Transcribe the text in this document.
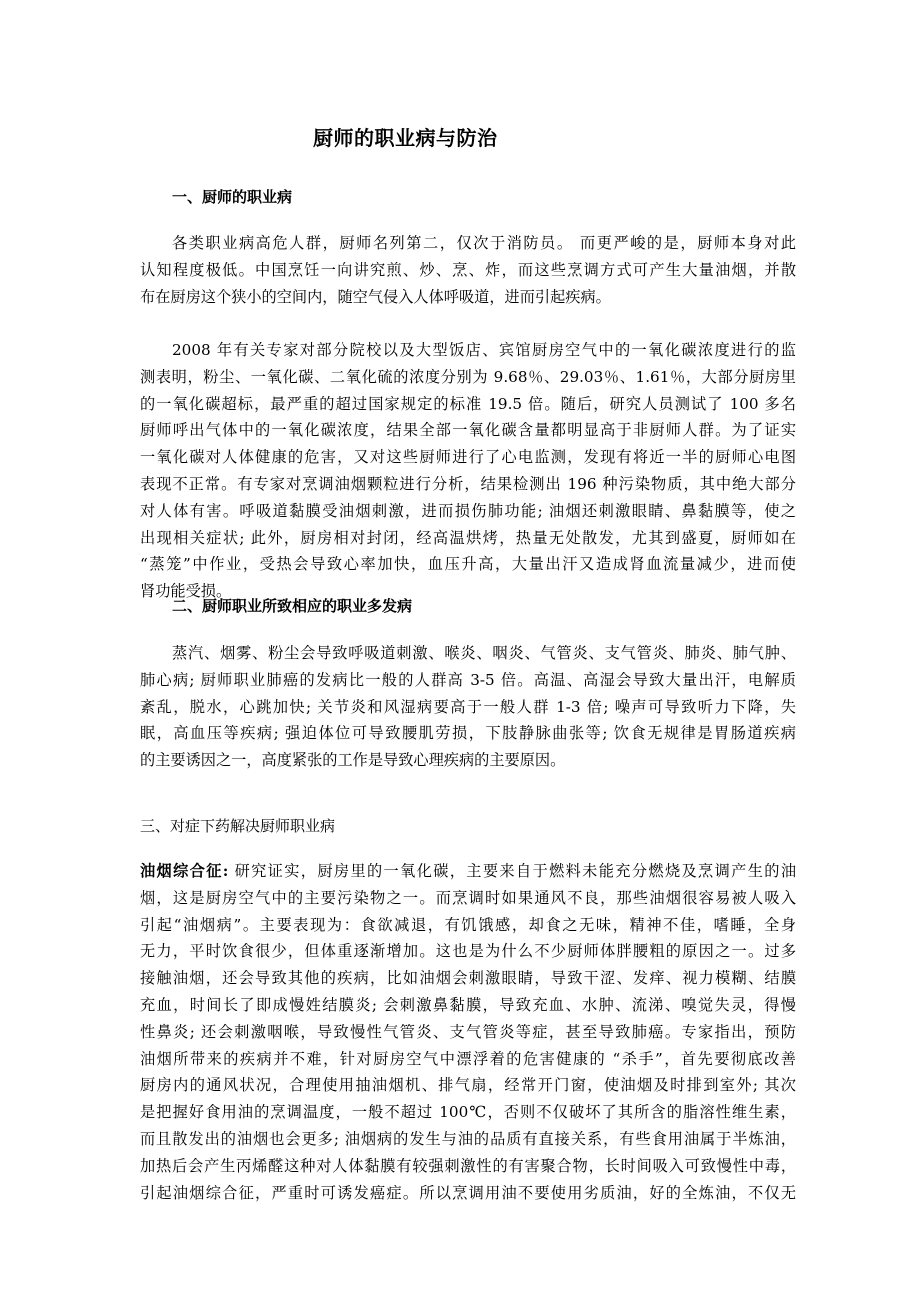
厨师的职业病与防治
一、厨师的职业病
各类职业病高危人群，厨师名列第二，仅次于消防员。 而更严峻的是，厨师本身对此
认知程度极低。中国烹饪一向讲究煎、炒、烹、炸，而这些烹调方式可产生大量油烟，并散
布在厨房这个狭小的空间内，随空气侵入人体呼吸道，进而引起疾病。
2008 年有关专家对部分院校以及大型饭店、宾馆厨房空气中的一氧化碳浓度进行的监
测表明，粉尘、一氧化碳、二氧化硫的浓度分别为 9.68％、29.03％、1.61％，大部分厨房里
的一氧化碳超标，最严重的超过国家规定的标准 19.5 倍。随后，研究人员测试了 100 多名
厨师呼出气体中的一氧化碳浓度，结果全部一氧化碳含量都明显高于非厨师人群。为了证实
一氧化碳对人体健康的危害，又对这些厨师进行了心电监测，发现有将近一半的厨师心电图
表现不正常。有专家对烹调油烟颗粒进行分析，结果检测出 196 种污染物质，其中绝大部分
对人体有害。呼吸道黏膜受油烟刺激，进而损伤肺功能; 油烟还刺激眼睛、鼻黏膜等，使之
出现相关症状; 此外，厨房相对封闭，经高温烘烤，热量无处散发，尤其到盛夏，厨师如在
“蒸笼”中作业，受热会导致心率加快，血压升高，大量出汗又造成肾血流量减少，进而使
肾功能受损。
二、厨师职业所致相应的职业多发病
蒸汽、烟雾、粉尘会导致呼吸道刺激、喉炎、咽炎、气管炎、支气管炎、肺炎、肺气肿、
肺心病; 厨师职业肺癌的发病比一般的人群高 3-5 倍。高温、高湿会导致大量出汗，电解质
紊乱，脱水，心跳加快; 关节炎和风湿病要高于一般人群 1-3 倍; 噪声可导致听力下降，失
眠，高血压等疾病; 强迫体位可导致腰肌劳损，下肢静脉曲张等; 饮食无规律是胃肠道疾病
的主要诱因之一，高度紧张的工作是导致心理疾病的主要原因。
三、对症下药解决厨师职业病
油烟综合征: 研究证实，厨房里的一氧化碳，主要来自于燃料未能充分燃烧及烹调产生的油
烟，这是厨房空气中的主要污染物之一。而烹调时如果通风不良，那些油烟很容易被人吸入
引起“油烟病”。主要表现为：食欲减退，有饥饿感，却食之无味，精神不佳，嗜睡，全身
无力，平时饮食很少，但体重逐渐增加。这也是为什么不少厨师体胖腰粗的原因之一。过多
接触油烟，还会导致其他的疾病，比如油烟会刺激眼睛，导致干涩、发痒、视力模糊、结膜
充血，时间长了即成慢姓结膜炎; 会刺激鼻黏膜，导致充血、水肿、流涕、嗅觉失灵，得慢
性鼻炎; 还会刺激咽喉，导致慢性气管炎、支气管炎等症，甚至导致肺癌。专家指出，预防
油烟所带来的疾病并不难，针对厨房空气中漂浮着的危害健康的 “杀手”，首先要彻底改善
厨房内的通风状况，合理使用抽油烟机、排气扇，经常开门窗，使油烟及时排到室外; 其次
是把握好食用油的烹调温度，一般不超过 100℃，否则不仅破坏了其所含的脂溶性维生素，
而且散发出的油烟也会更多; 油烟病的发生与油的品质有直接关系，有些食用油属于半炼油，
加热后会产生丙烯醛这种对人体黏膜有较强刺激性的有害聚合物，长时间吸入可致慢性中毒，
引起油烟综合征，严重时可诱发癌症。所以烹调用油不要使用劣质油，好的全炼油，不仅无
